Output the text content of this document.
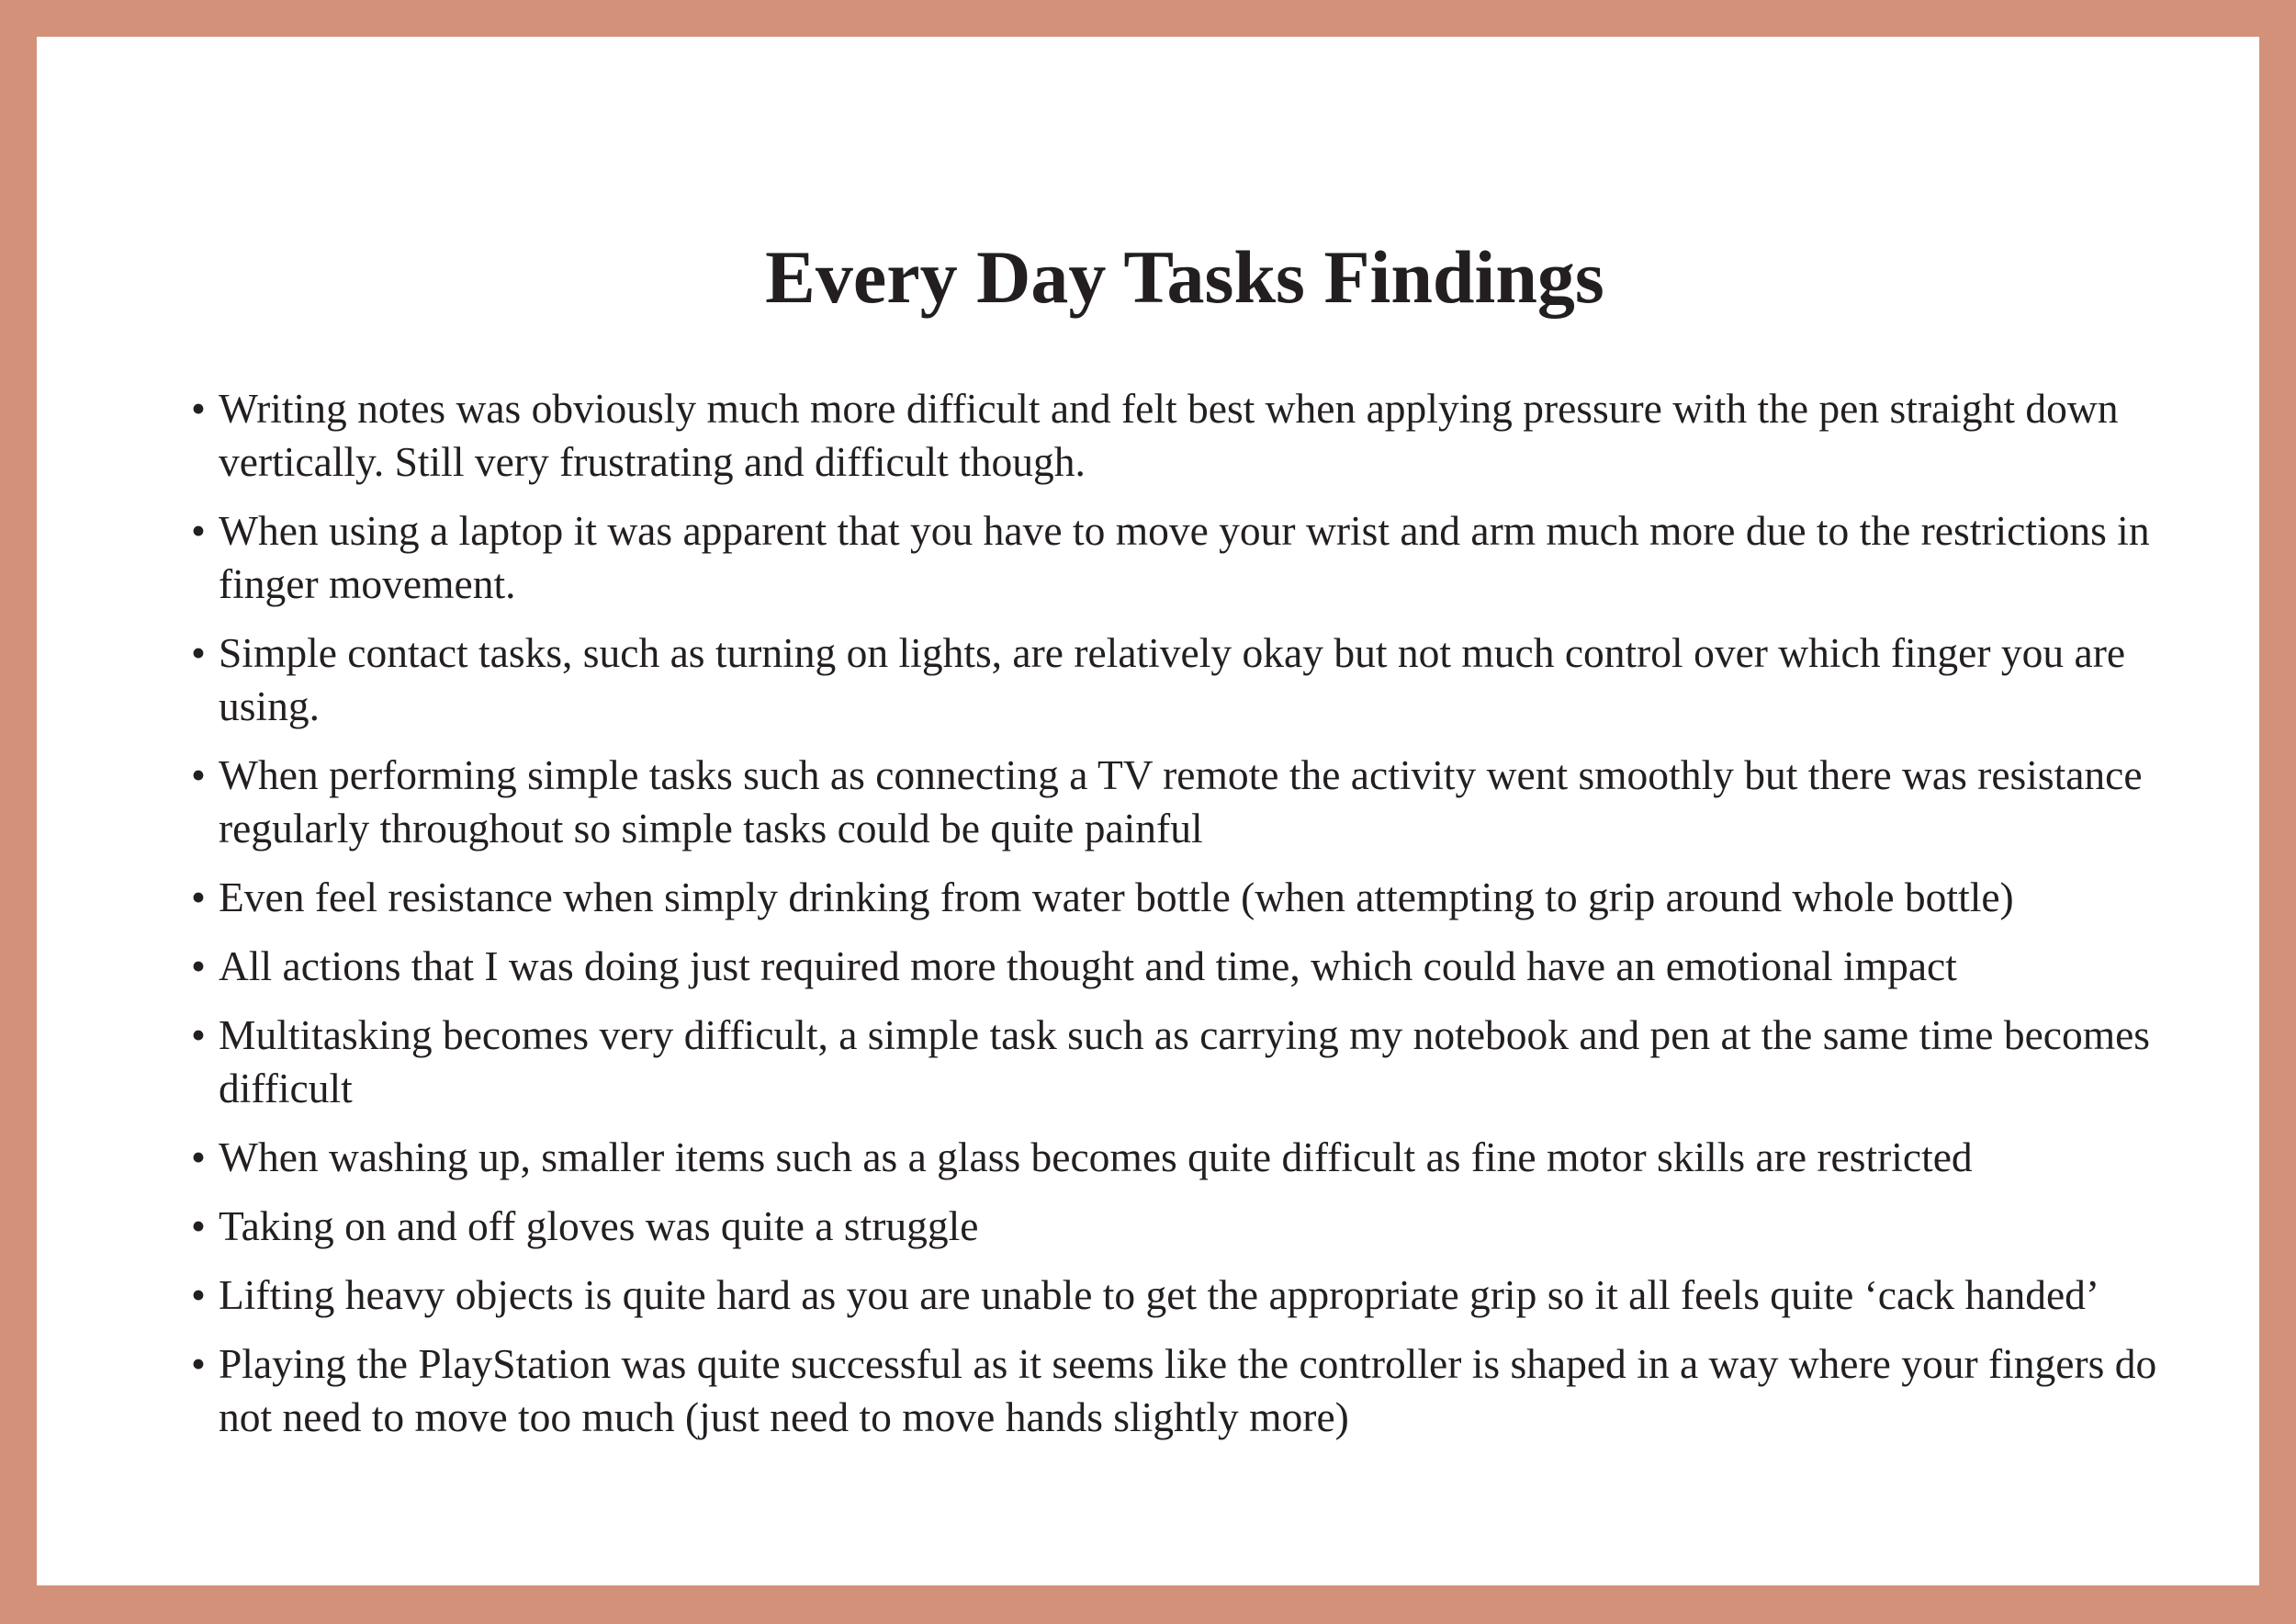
Every Day Tasks Findings
• Writing notes was obviously much more difficult and felt best when applying pressure with the pen straight down vertically. Still very frustrating and difficult though.
• When using a laptop it was apparent that you have to move your wrist and arm much more due to the restrictions in finger movement.
• Simple contact tasks, such as turning on lights, are relatively okay but not much control over which finger you are using.
• When performing simple tasks such as connecting a TV remote the activity went smoothly but there was resistance regularly throughout so simple tasks could be quite painful
• Even feel resistance when simply drinking from water bottle (when attempting to grip around whole bottle)
• All actions that I was doing just required more thought and time, which could have an emotional impact
• Multitasking becomes very difficult, a simple task such as carrying my notebook and pen at the same time becomes difficult
• When washing up, smaller items such as a glass becomes quite difficult as fine motor skills are restricted
• Taking on and off gloves was quite a struggle
• Lifting heavy objects is quite hard as you are unable to get the appropriate grip so it all feels quite ‘cack handed’
• Playing the PlayStation was quite successful as it seems like the controller is shaped in a way where your fingers do not need to move too much (just need to move hands slightly more)
